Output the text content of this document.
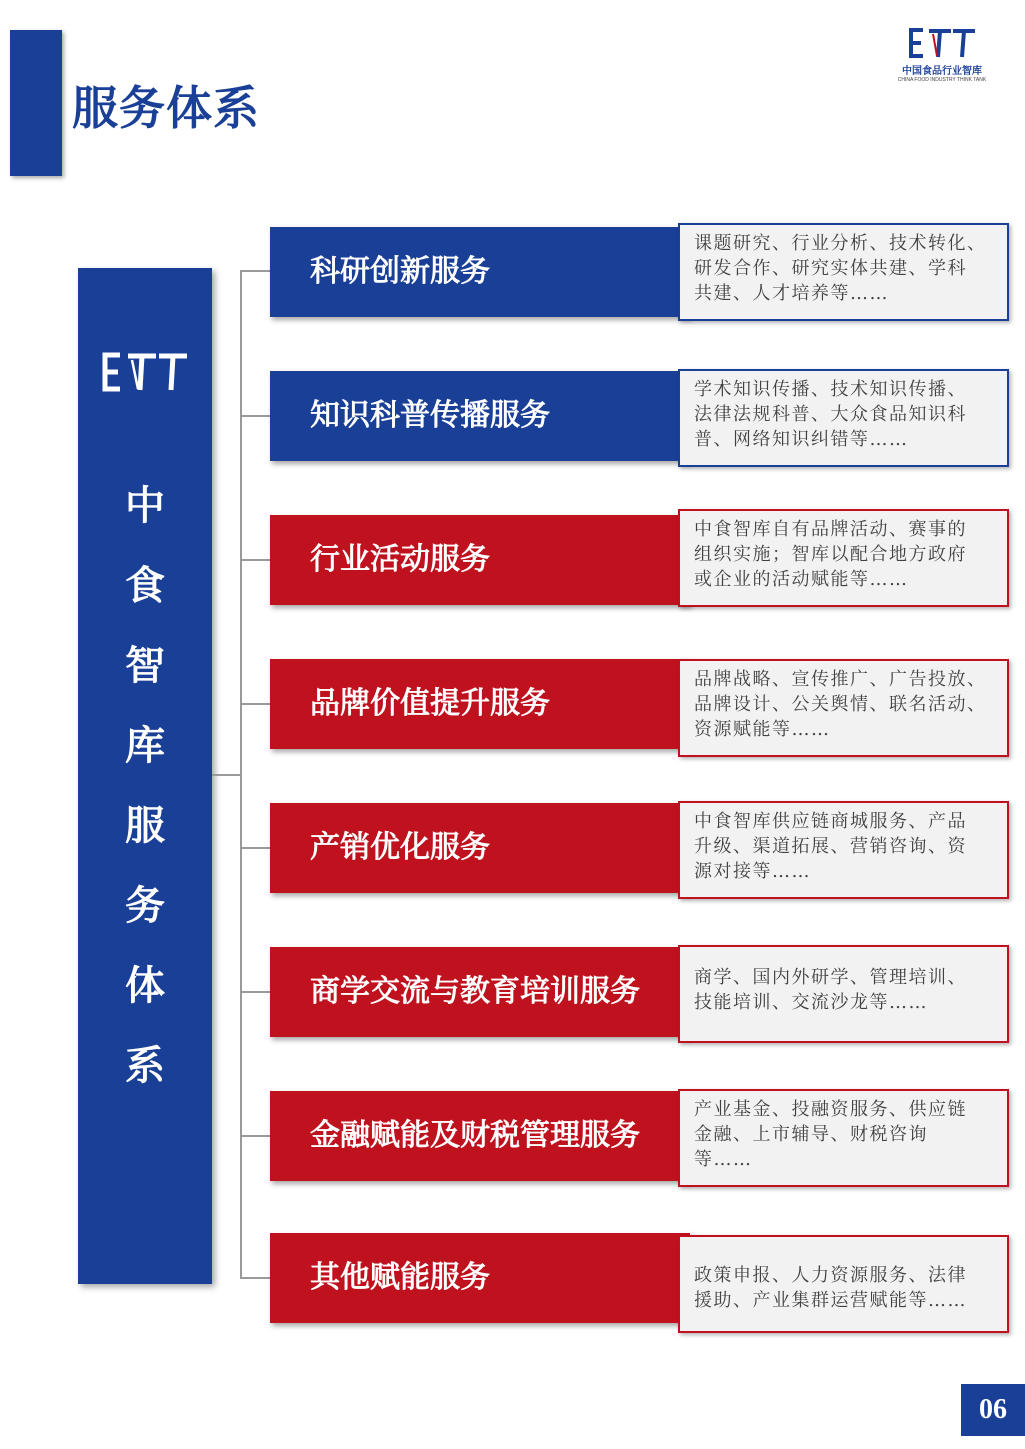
服务体系
中国食品行业智库
CHINA FOOD INDUSTRY THINK TANK
中
食
智
库
服
务
体
系
科研创新服务
课题研究、行业分析、技术转化、
研发合作、研究实体共建、学科
共建、人才培养等……
知识科普传播服务
学术知识传播、技术知识传播、
法律法规科普、大众食品知识科
普、网络知识纠错等……
行业活动服务
中食智库自有品牌活动、赛事的
组织实施；智库以配合地方政府
或企业的活动赋能等……
品牌价值提升服务
品牌战略、宣传推广、广告投放、
品牌设计、公关舆情、联名活动、
资源赋能等……
产销优化服务
中食智库供应链商城服务、产品
升级、渠道拓展、营销咨询、资
源对接等……
商学交流与教育培训服务	商学、国内外研学、管理培训、
技能培训、交流沙龙等……
金融赋能及财税管理服务
产业基金、投融资服务、供应链
金融、上市辅导、财税咨询
等……
其他赋能服务	政策申报、人力资源服务、法律
援助、产业集群运营赋能等……
06
